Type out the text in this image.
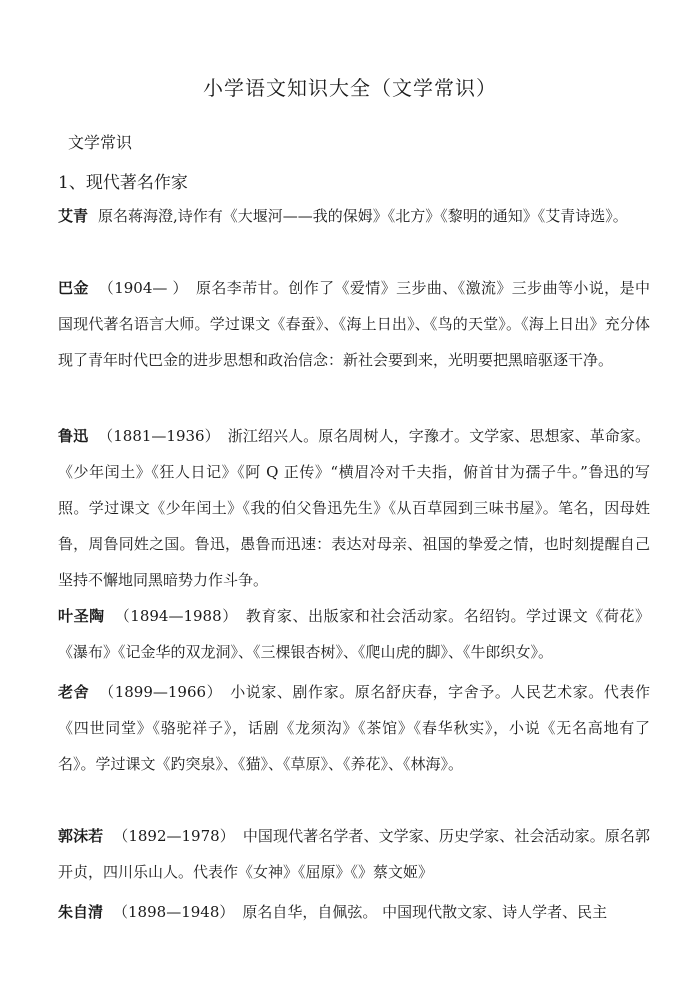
小学语文知识大全（文学常识）
文学常识
1、现代著名作家
艾青 原名蒋海澄,诗作有《大堰河——我的保姆》《北方》《黎明的通知》《艾青诗选》。
巴金 （1904— ） 原名李芾甘。创作了《爱情》三步曲、《激流》三步曲等小说，是中国现代著名语言大师。学过课文《春蚕》、《海上日出》、《鸟的天堂》。《海上日出》充分体现了青年时代巴金的进步思想和政治信念：新社会要到来，光明要把黑暗驱逐干净。
鲁迅 （1881—1936） 浙江绍兴人。原名周树人，字豫才。文学家、思想家、革命家。《少年闰土》《狂人日记》《阿 Q 正传》“横眉冷对千夫指，俯首甘为孺子牛。”鲁迅的写照。学过课文《少年闰土》《我的伯父鲁迅先生》《从百草园到三味书屋》。笔名，因母姓鲁，周鲁同姓之国。鲁迅，愚鲁而迅速：表达对母亲、祖国的挚爱之情，也时刻提醒自己坚持不懈地同黑暗势力作斗争。
叶圣陶 （1894—1988） 教育家、出版家和社会活动家。名绍钧。学过课文《荷花》《瀑布》《记金华的双龙洞》、《三棵银杏树》、《爬山虎的脚》、《牛郎织女》。
老舍 （1899—1966） 小说家、剧作家。原名舒庆春，字舍予。人民艺术家。代表作《四世同堂》《骆驼祥子》，话剧《龙须沟》《茶馆》《春华秋实》，小说《无名高地有了名》。学过课文《趵突泉》、《猫》、《草原》、《养花》、《林海》。
郭沫若 （1892—1978） 中国现代著名学者、文学家、历史学家、社会活动家。原名郭开贞，四川乐山人。代表作《女神》《屈原》《》蔡文姬》
朱自清 （1898—1948） 原名自华，自佩弦。 中国现代散文家、诗人学者、民主
